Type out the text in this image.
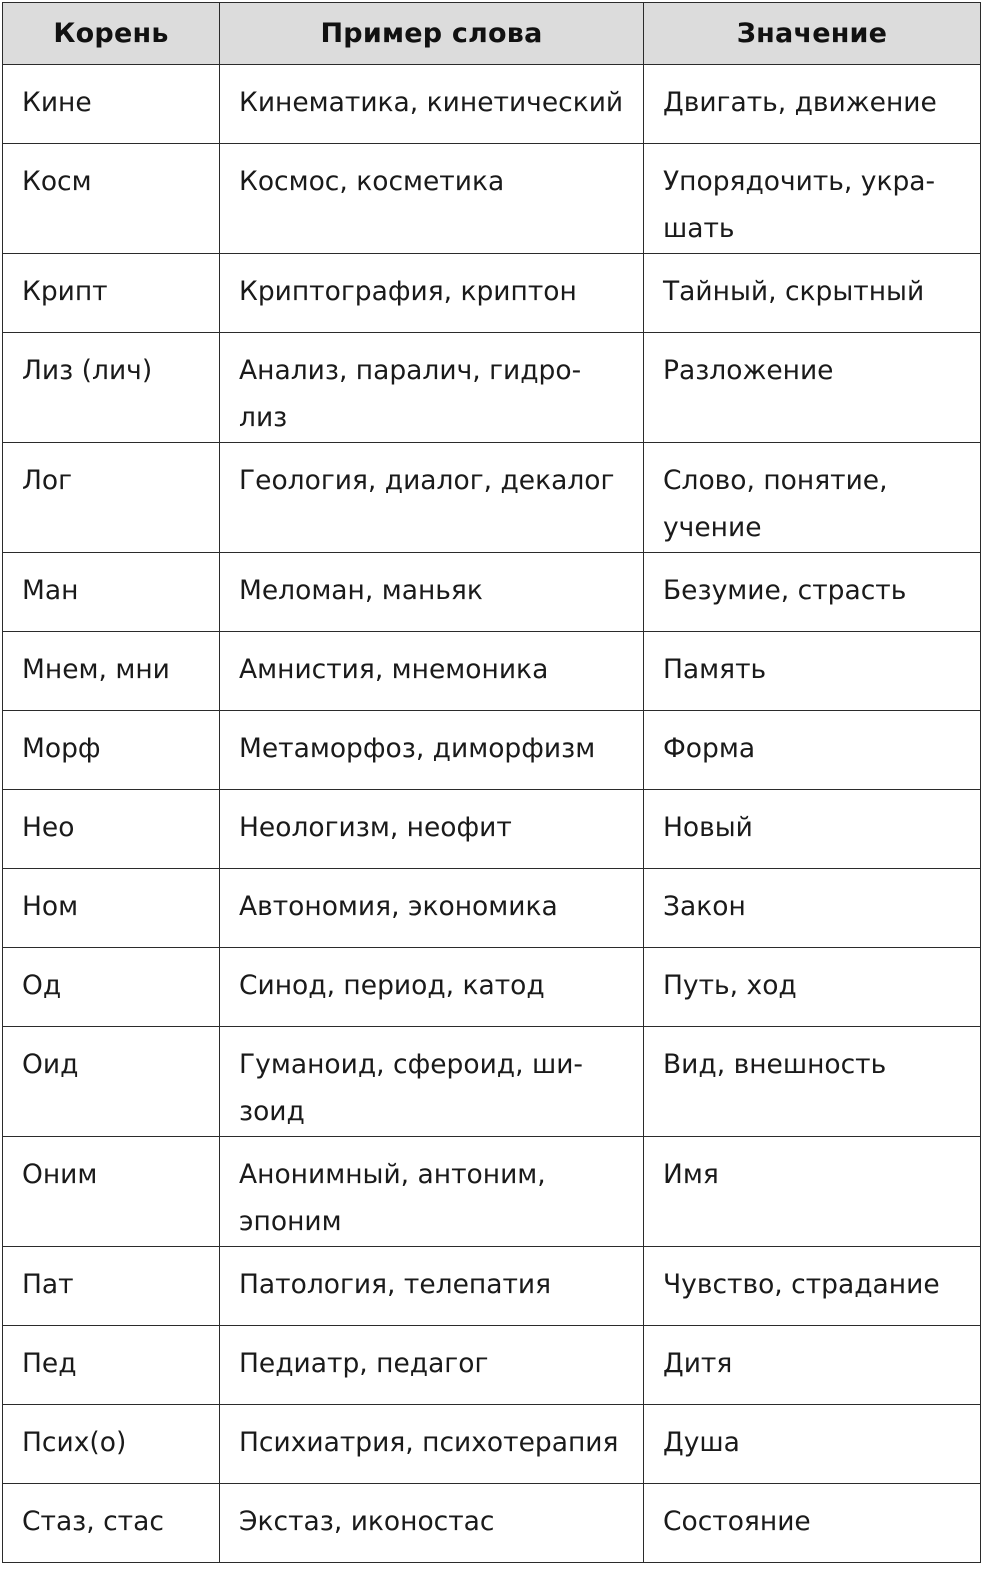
Корень	Пример слова	Значение
Кине	Кинематика, кинетический	Двигать, движение
Косм	Космос, косметика	Упорядочить, укра-шать
Крипт	Криптография, криптон	Тайный, скрытный
Лиз (лич)	Анализ, паралич, гидро-лиз	Разложение
Лог	Геология, диалог, декалог	Слово, понятие, учение
Ман	Меломан, маньяк	Безумие, страсть
Мнем, мни	Амнистия, мнемоника	Память
Морф	Метаморфоз, диморфизм	Форма
Нео	Неологизм, неофит	Новый
Ном	Автономия, экономика	Закон
Од	Синод, период, катод	Путь, ход
Оид	Гуманоид, сфероид, ши-зоид	Вид, внешность
Оним	Анонимный, антоним, эпоним	Имя
Пат	Патология, телепатия	Чувство, страдание
Пед	Педиатр, педагог	Дитя
Псих(о)	Психиатрия, психотерапия	Душа
Стаз, стас	Экстаз, иконостас	Состояние
